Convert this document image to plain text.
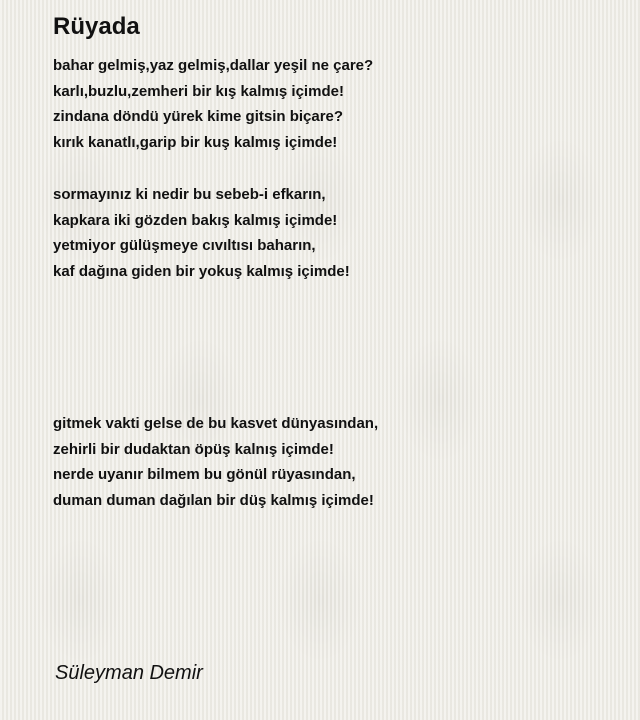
Rüyada
bahar gelmiş,yaz gelmiş,dallar yeşil ne çare?
karlı,buzlu,zemheri bir kış kalmış içimde!
zindana döndü yürek kime gitsin biçare?
kırık kanatlı,garip bir kuş kalmış içimde!
sormayınız ki nedir bu sebeb-i efkarın,
kapkara iki gözden bakış kalmış içimde!
yetmiyor gülüşmeye cıvıltısı baharın,
kaf dağına giden bir yokuş kalmış içimde!
gitmek vakti gelse de bu kasvet dünyasından,
zehirli bir dudaktan öpüş kalnış içimde!
nerde uyanır bilmem bu gönül rüyasından,
duman duman dağılan bir düş kalmış içimde!

Süleyman Demir
